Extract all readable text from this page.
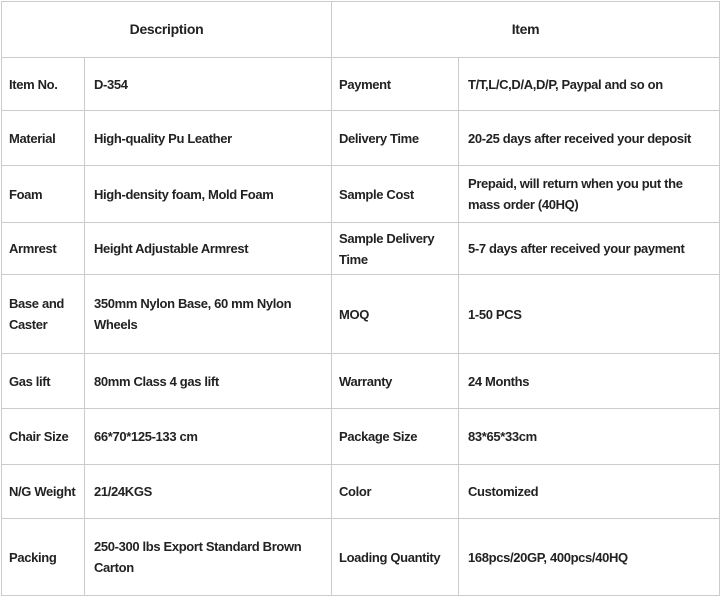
Description		Item	
Item No.	D-354	Payment	T/T,L/C,D/A,D/P, Paypal and so on
Material	High-quality Pu Leather	Delivery Time	20-25 days after received your deposit
Foam	High-density foam, Mold Foam	Sample Cost	Prepaid, will return when you put the mass order (40HQ)
Armrest	Height Adjustable Armrest	Sample Delivery Time	5-7 days after received your payment
Base and Caster	350mm Nylon Base, 60 mm Nylon Wheels	MOQ	1-50 PCS
Gas lift	80mm Class 4 gas lift	Warranty	24 Months
Chair Size	66*70*125-133 cm	Package Size	83*65*33cm
N/G Weight	21/24KGS	Color	Customized
Packing	250-300 lbs Export Standard Brown Carton	Loading Quantity	168pcs/20GP, 400pcs/40HQ
